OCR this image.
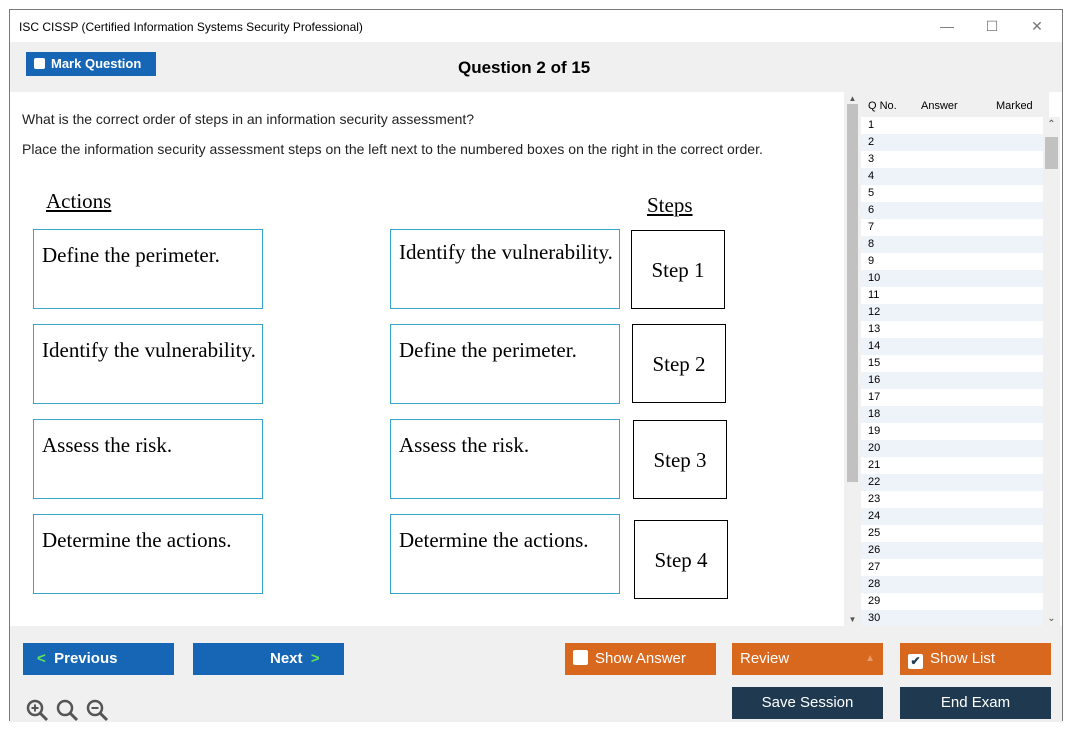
ISC CISSP (Certified Information Systems Security Professional)	—	☐	✕
Mark Question	Question 2 of 15
What is the correct order of steps in an information security assessment?
Place the information security assessment steps on the left next to the numbered boxes on the right in the correct order.
Actions	Steps
Define the perimeter.
Identify the vulnerability.
Assess the risk.
Determine the actions.
Identify the vulnerability.
Define the perimeter.
Assess the risk.
Determine the actions.
Step 1
Step 2
Step 3
Step 4
▲
▼
Q No. Answer	Marked
1
2
3
4
5
6
7
8
9
10
11
12
13
14
15
16
17
18
19
20
21
22
23
24
25
26
27
28
29
30
⌃
⌄
< Previous	Next >	Show Answer	Review	▲	✔ Show List
Save Session	End Exam
